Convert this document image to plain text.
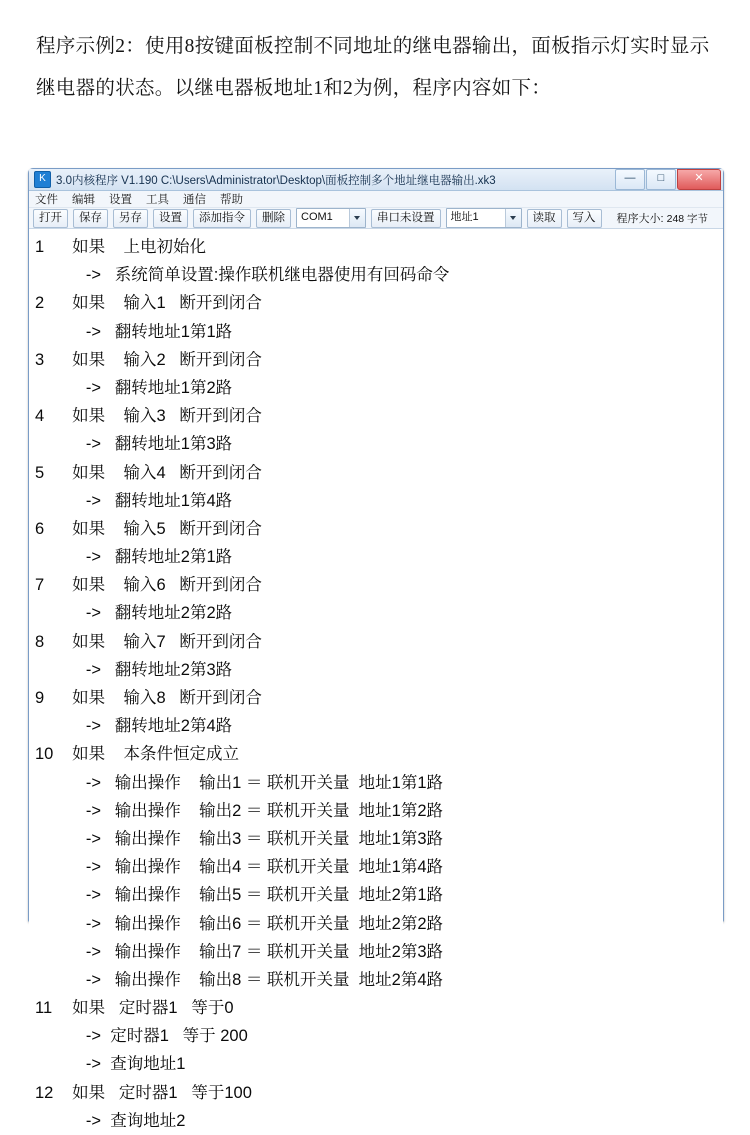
程序示例2：使用8按键面板控制不同地址的继电器输出，面板指示灯实时显示继电器的状态。以继电器板地址1和2为例，程序内容如下：
K 3.0内核程序 V1.190 C:\Users\Administrator\Desktop\面板控制多个地址继电器输出.xk3	—	□	✕
文件 编辑 设置 工具 通信 帮助
打开	保存	另存	设置	添加指令	删除	COM1	串口未设置	地址1	读取	写入	程序大小: 248 字节
1	如果    上电初始化
->   系统简单设置:操作联机继电器使用有回码命令
2	如果    输入1   断开到闭合
->   翻转地址1第1路
3	如果    输入2   断开到闭合
->   翻转地址1第2路
4	如果    输入3   断开到闭合
->   翻转地址1第3路
5	如果    输入4   断开到闭合
->   翻转地址1第4路
6	如果    输入5   断开到闭合
->   翻转地址2第1路
7	如果    输入6   断开到闭合
->   翻转地址2第2路
8	如果    输入7   断开到闭合
->   翻转地址2第3路
9	如果    输入8   断开到闭合
->   翻转地址2第4路
10 如果    本条件恒定成立
->   输出操作    输出1 ＝ 联机开关量  地址1第1路
->   输出操作    输出2 ＝ 联机开关量  地址1第2路
->   输出操作    输出3 ＝ 联机开关量  地址1第3路
->   输出操作    输出4 ＝ 联机开关量  地址1第4路
->   输出操作    输出5 ＝ 联机开关量  地址2第1路
->   输出操作    输出6 ＝ 联机开关量  地址2第2路
->   输出操作    输出7 ＝ 联机开关量  地址2第3路
->   输出操作    输出8 ＝ 联机开关量  地址2第4路
11 如果   定时器1   等于0
->  定时器1   等于 200
->  查询地址1
12 如果   定时器1   等于100
->  查询地址2
